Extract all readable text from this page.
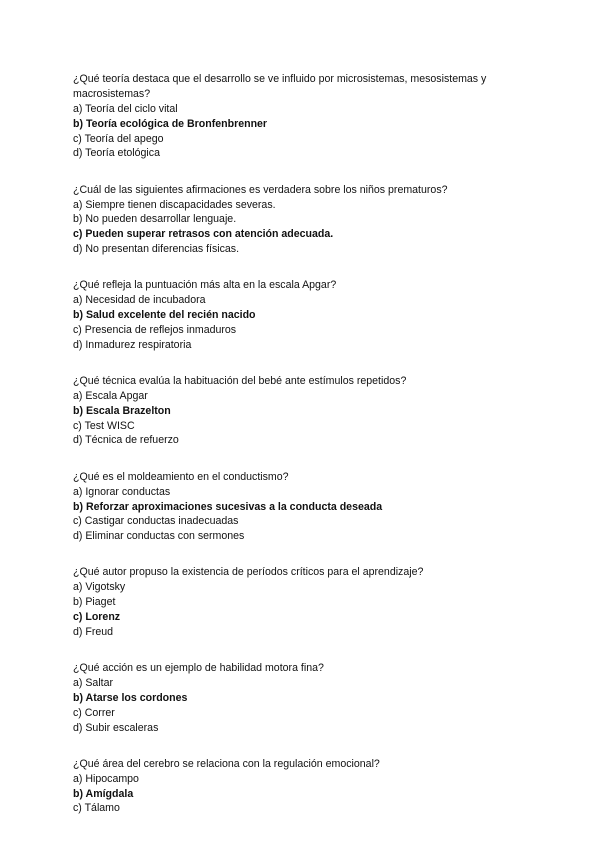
¿Qué teoría destaca que el desarrollo se ve influido por microsistemas, mesosistemas y macrosistemas?

a) Teoría del ciclo vital

b) Teoría ecológica de Bronfenbrenner

c) Teoría del apego

d) Teoría etológica

¿Cuál de las siguientes afirmaciones es verdadera sobre los niños prematuros?

a) Siempre tienen discapacidades severas.

b) No pueden desarrollar lenguaje.

c) Pueden superar retrasos con atención adecuada.

d) No presentan diferencias físicas.

¿Qué refleja la puntuación más alta en la escala Apgar?

a) Necesidad de incubadora

b) Salud excelente del recién nacido

c) Presencia de reflejos inmaduros

d) Inmadurez respiratoria

¿Qué técnica evalúa la habituación del bebé ante estímulos repetidos?

a) Escala Apgar

b) Escala Brazelton

c) Test WISC

d) Técnica de refuerzo

¿Qué es el moldeamiento en el conductismo?

a) Ignorar conductas

b) Reforzar aproximaciones sucesivas a la conducta deseada

c) Castigar conductas inadecuadas

d) Eliminar conductas con sermones

¿Qué autor propuso la existencia de períodos críticos para el aprendizaje?

a) Vigotsky

b) Piaget

c) Lorenz

d) Freud

¿Qué acción es un ejemplo de habilidad motora fina?

a) Saltar

b) Atarse los cordones

c) Correr

d) Subir escaleras

¿Qué área del cerebro se relaciona con la regulación emocional?

a) Hipocampo

b) Amígdala

c) Tálamo
